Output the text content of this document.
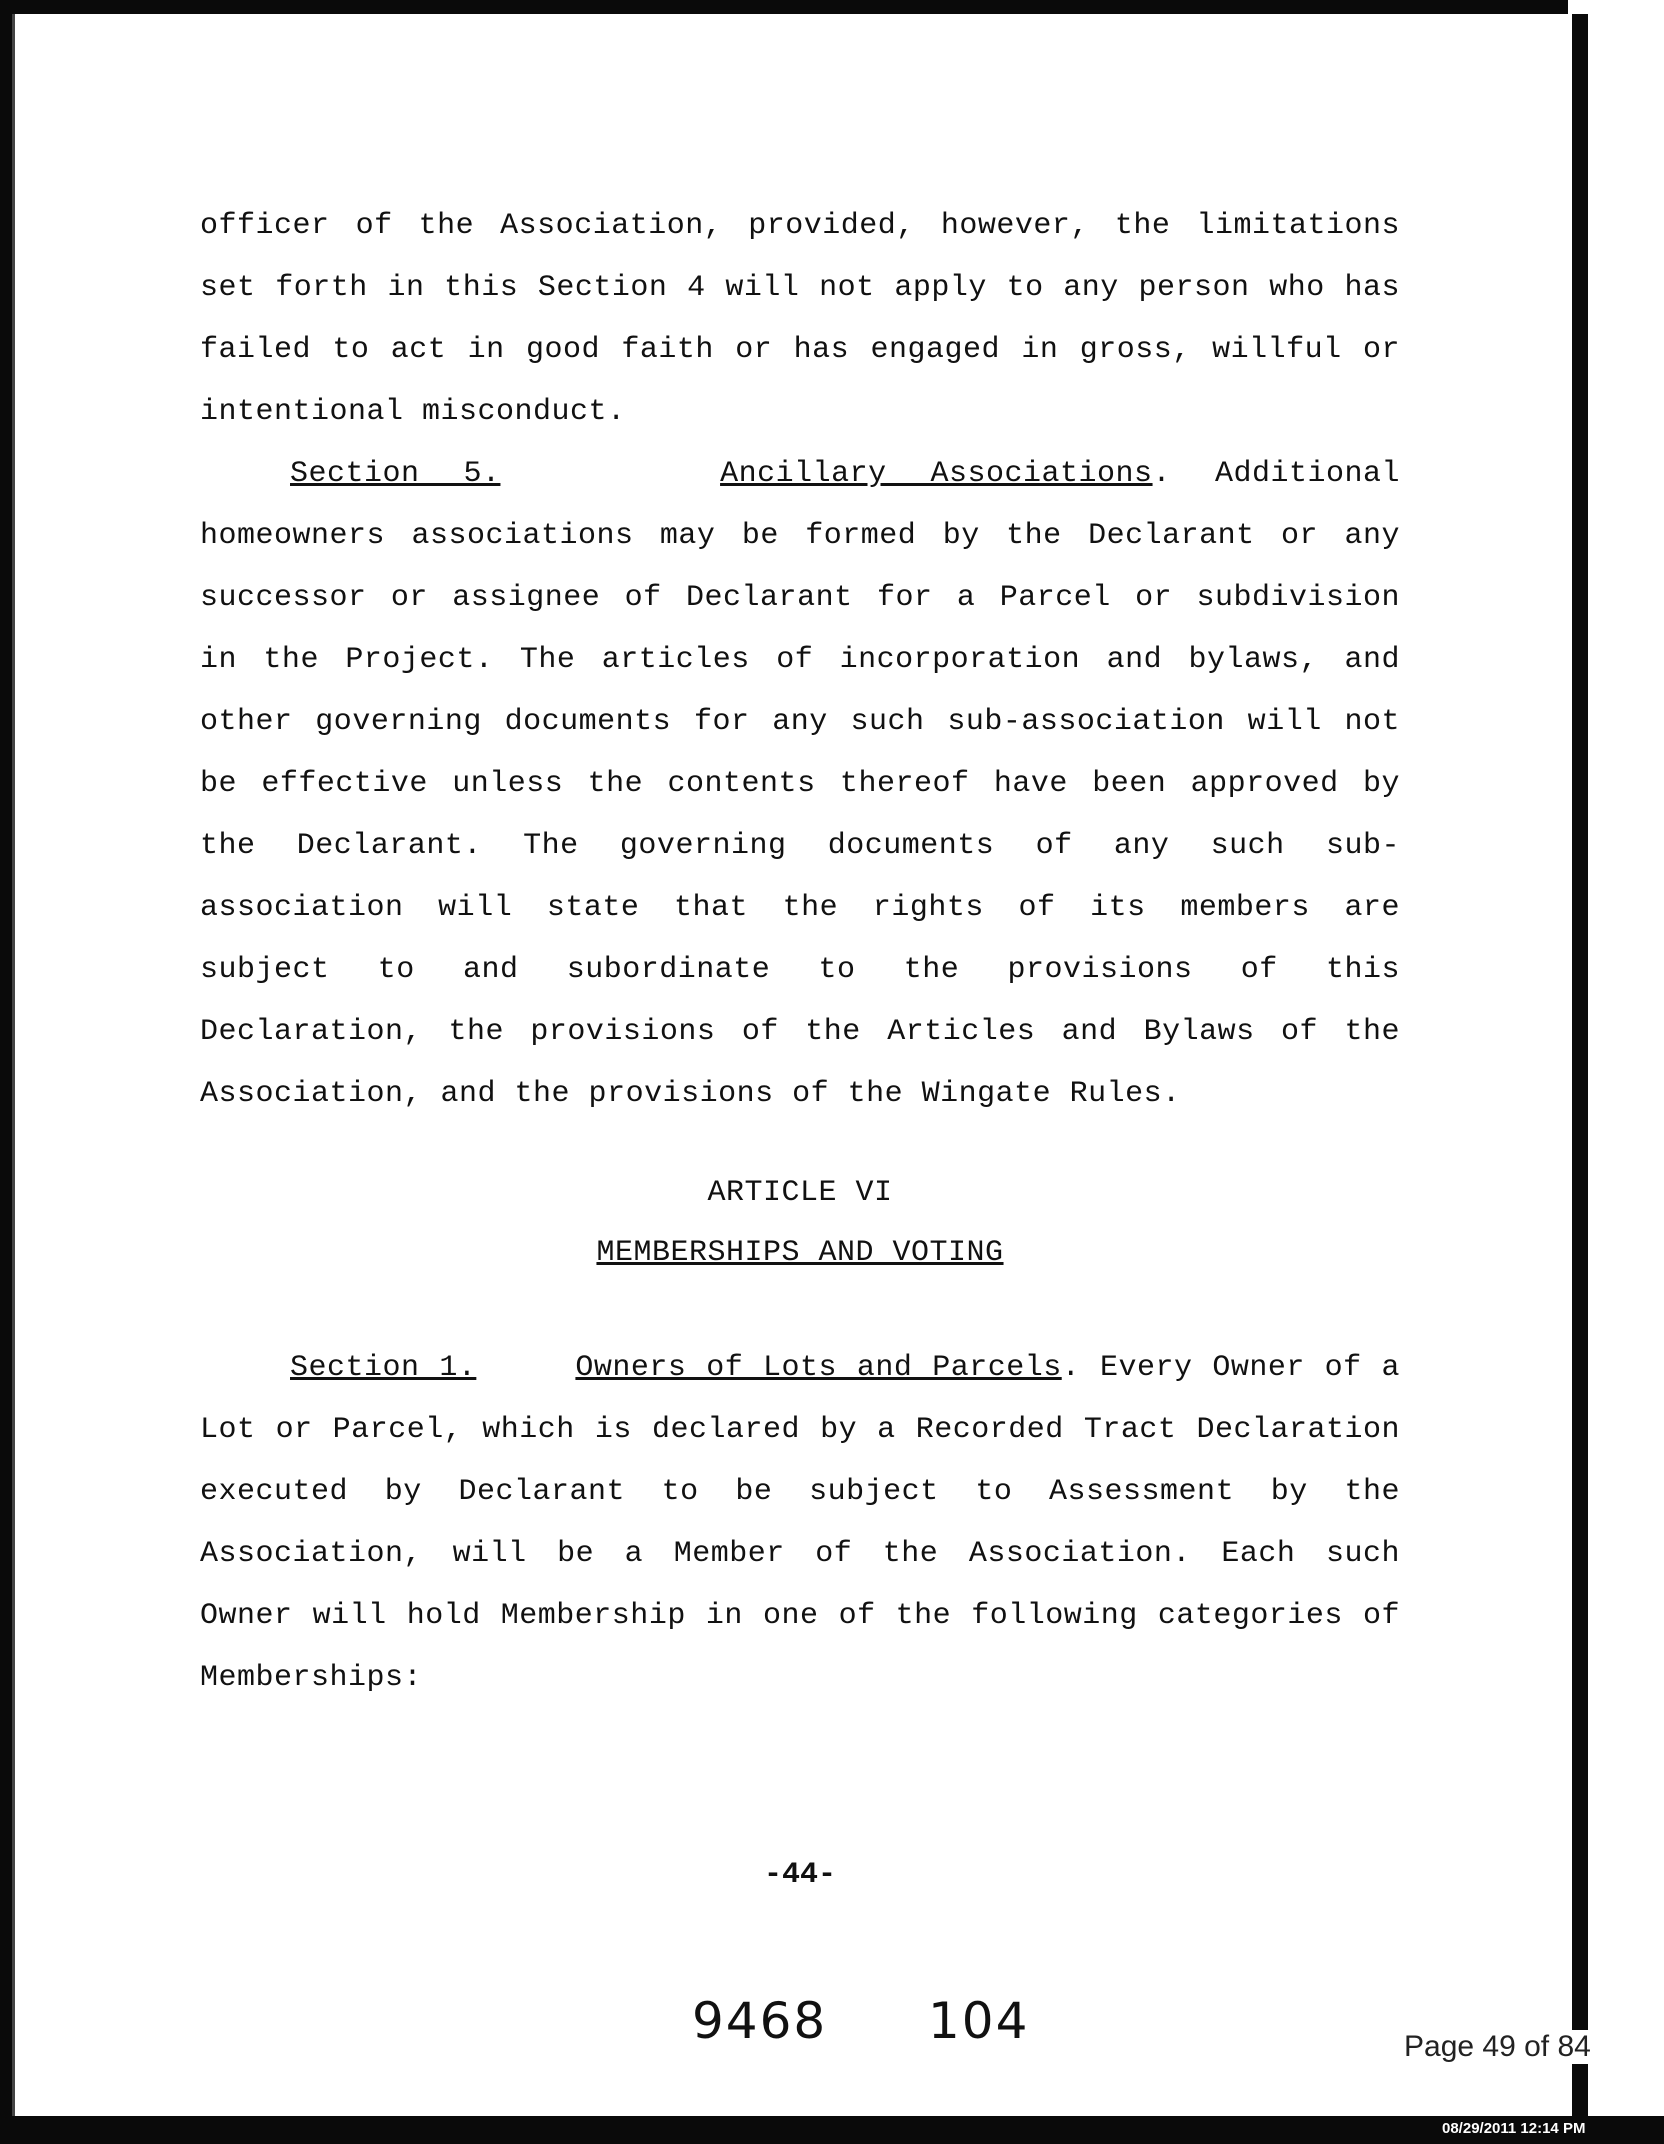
officer of the Association, provided, however, the limitations set forth in this Section 4 will not apply to any person who has failed to act in good faith or has engaged in gross, willful or intentional misconduct.

Section 5.	Ancillary Associations. Additional homeowners associations may be formed by the Declarant or any successor or assignee of Declarant for a Parcel or subdivision in the Project. The articles of incorporation and bylaws, and other governing documents for any such sub-association will not be effective unless the contents thereof have been approved by the Declarant. The governing documents of any such sub-association will state that the rights of its members are subject to and subordinate to the provisions of this Declaration, the provisions of the Articles and Bylaws of the Association, and the provisions of the Wingate Rules.

ARTICLE VI
MEMBERSHIPS AND VOTING

Section 1.	Owners of Lots and Parcels. Every Owner of a Lot or Parcel, which is declared by a Recorded Tract Declaration executed by Declarant to be subject to Assessment by the Association, will be a Member of the Association. Each such Owner will hold Membership in one of the following categories of Memberships:

-44-
9468 104	Page 49 of 84
08/29/2011 12:14 PM
